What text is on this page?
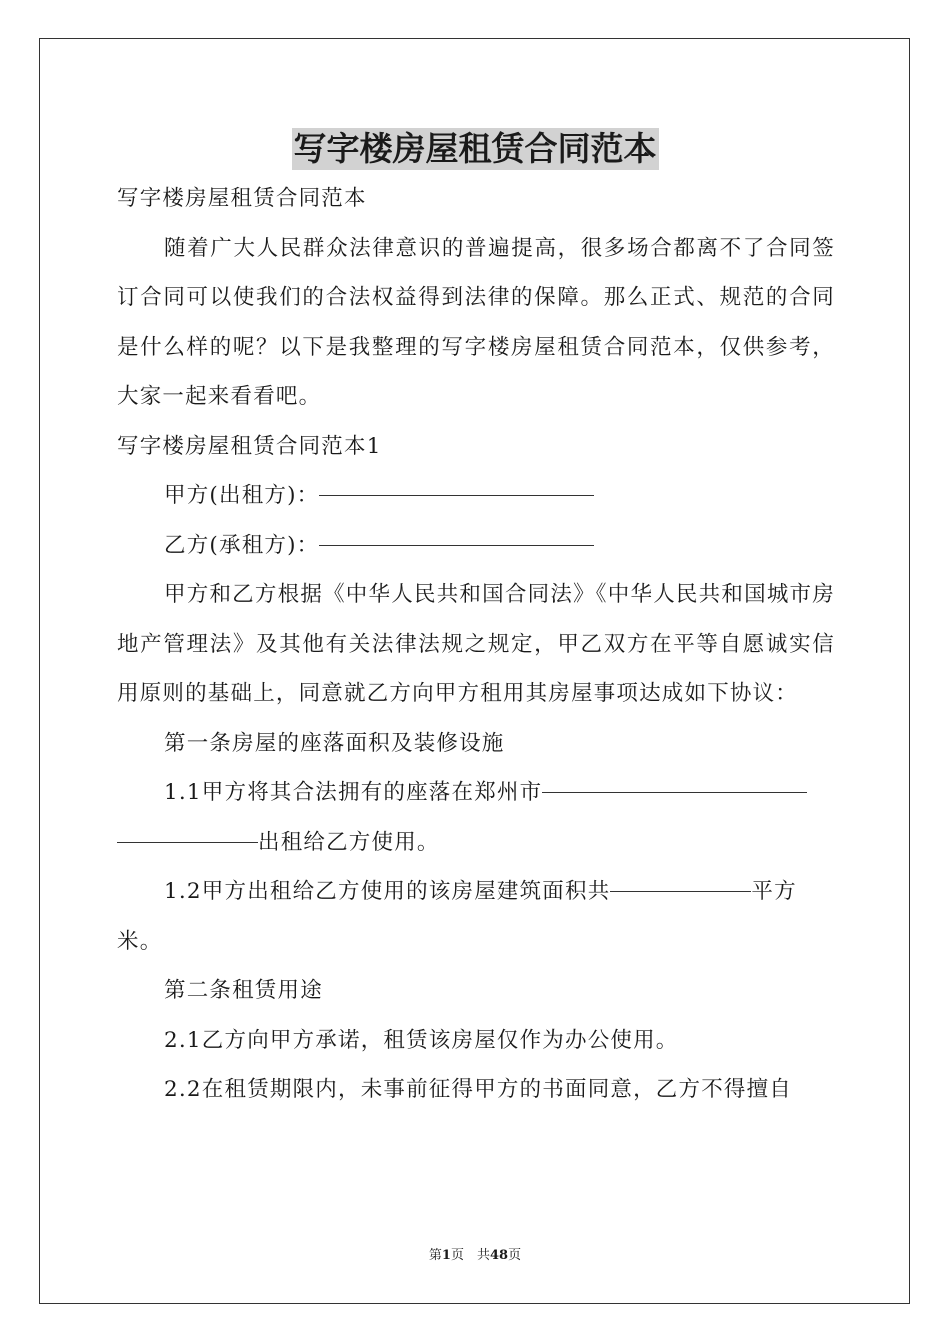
写字楼房屋租赁合同范本

写字楼房屋租赁合同范本

随着广大人民群众法律意识的普遍提高，很多场合都离不了合同签订合同可以使我们的合法权益得到法律的保障。那么正式、规范的合同是什么样的呢？以下是我整理的写字楼房屋租赁合同范本，仅供参考，大家一起来看看吧。

写字楼房屋租赁合同范本1

甲方(出租方)：

乙方(承租方)：

甲方和乙方根据《中华人民共和国合同法》《中华人民共和国城市房地产管理法》及其他有关法律法规之规定，甲乙双方在平等自愿诚实信用原则的基础上，同意就乙方向甲方租用其房屋事项达成如下协议：

第一条房屋的座落面积及装修设施

1.1甲方将其合法拥有的座落在郑州市

出租给乙方使用。

1.2甲方出租给乙方使用的该房屋建筑面积共	平方

米。

第二条租赁用途

2.1乙方向甲方承诺，租赁该房屋仅作为办公使用。

2.2在租赁期限内，未事前征得甲方的书面同意，乙方不得擅自

第1页　共48页
